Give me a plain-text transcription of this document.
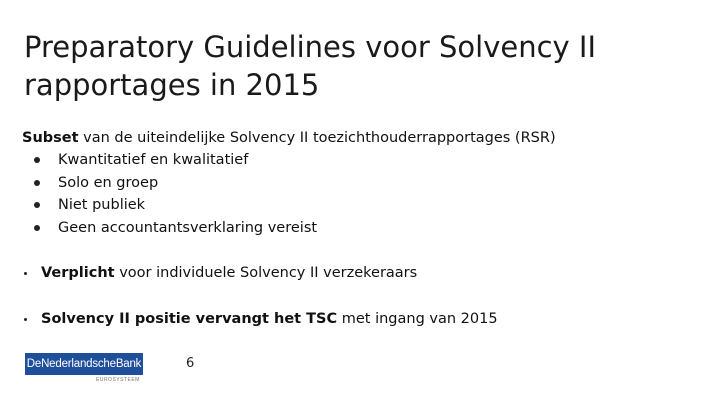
Preparatory Guidelines voor Solvency II rapportages in 2015
Subset van de uiteindelijke Solvency II toezichthouderrapportages (RSR)
Kwantitatief en kwalitatief
Solo en groep
Niet publiek
Geen accountantsverklaring vereist
Verplicht voor individuele Solvency II verzekeraars
Solvency II positie vervangt het TSC met ingang van 2015
DeNederlandscheBank
EUROSYSTEEM
6
